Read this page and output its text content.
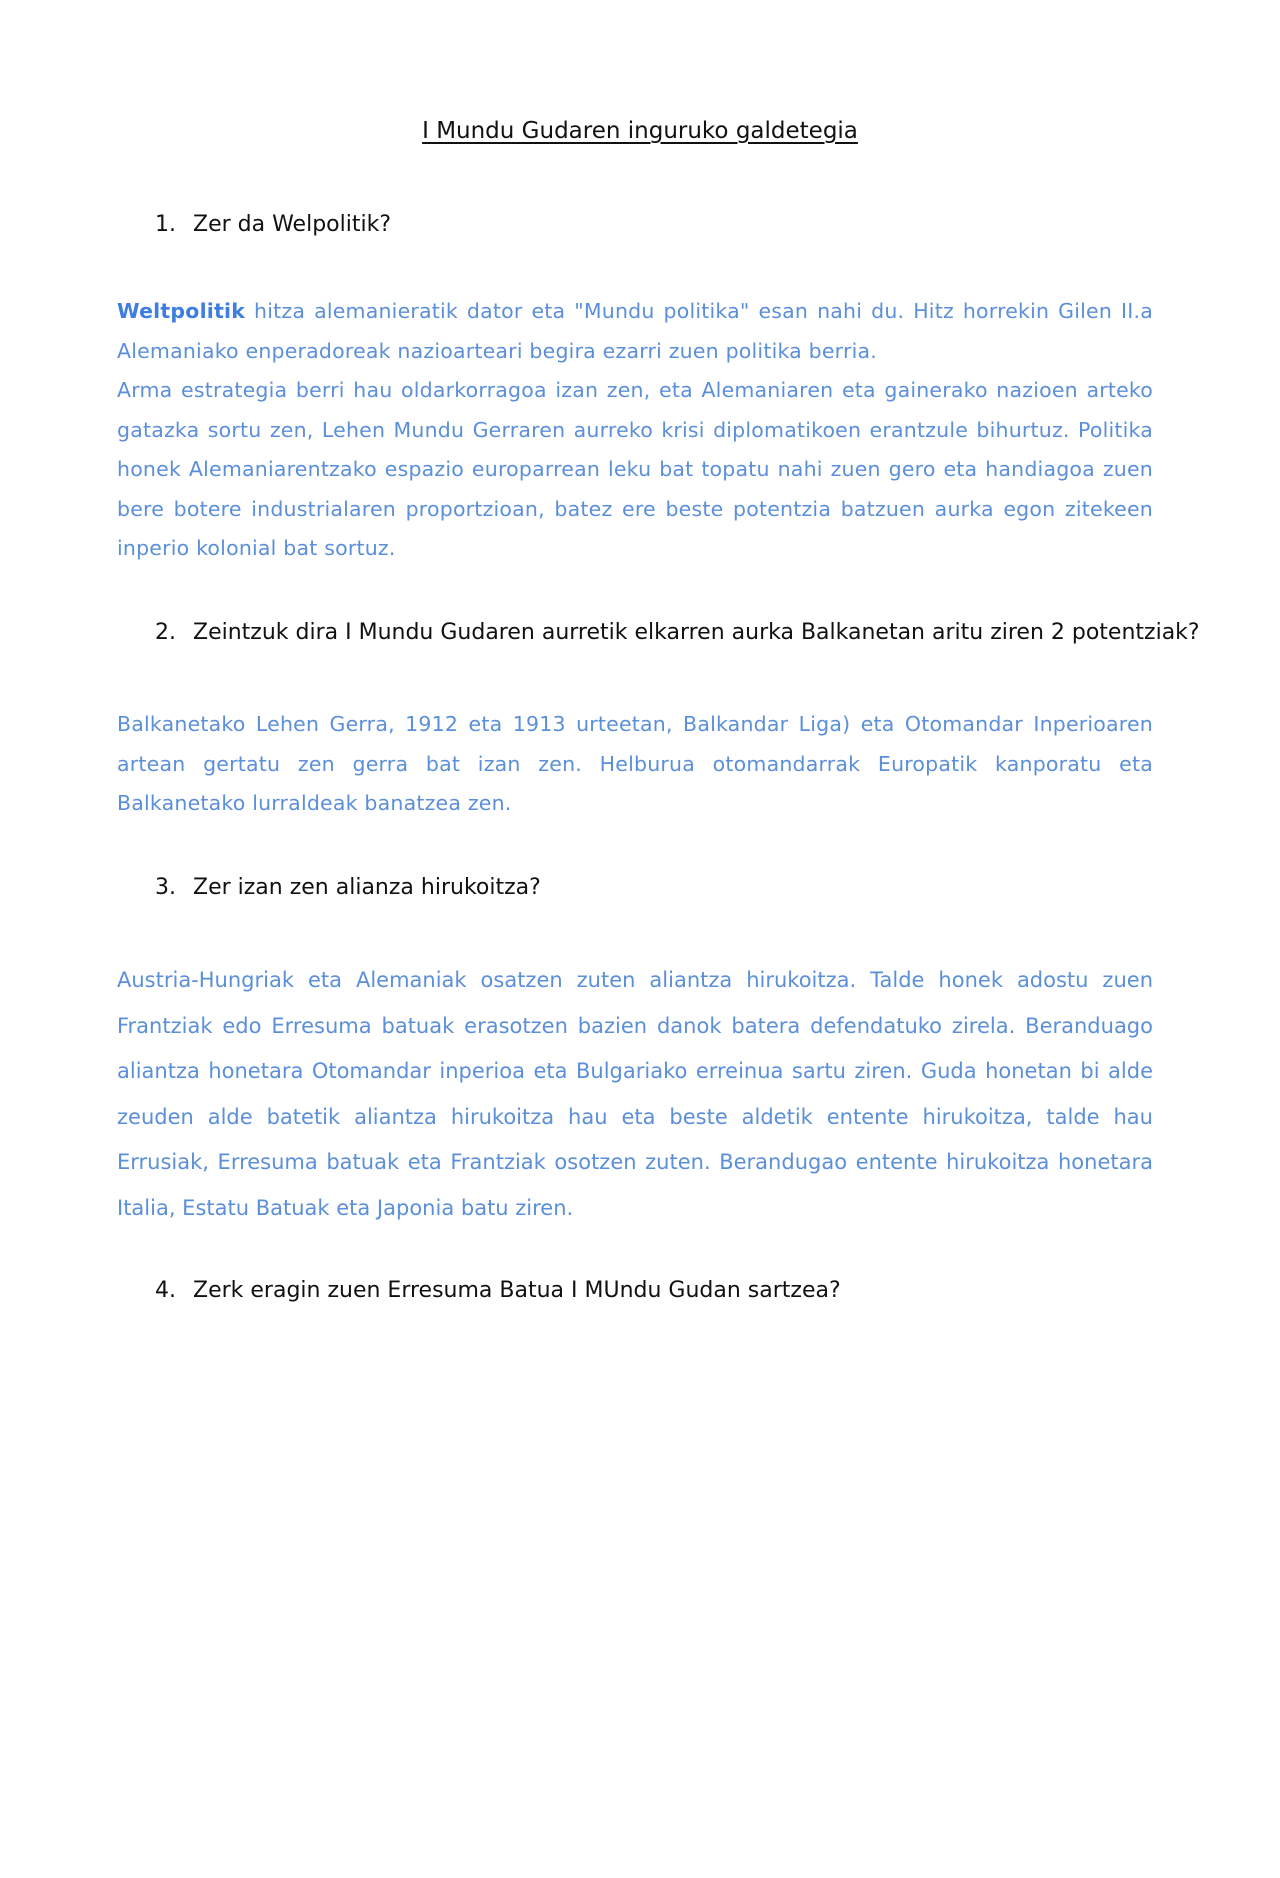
I Mundu Gudaren inguruko galdetegia
1. Zer da Welpolitik?

Weltpolitik hitza alemanieratik dator eta "Mundu politika" esan nahi du. Hitz horrekin Gilen II.a Alemaniako enperadoreak nazioarteari begira ezarri zuen politika berria.

Arma estrategia berri hau oldarkorragoa izan zen, eta Alemaniaren eta gainerako nazioen arteko gatazka sortu zen, Lehen Mundu Gerraren aurreko krisi diplomatikoen erantzule bihurtuz. Politika honek Alemaniarentzako espazio europarrean leku bat topatu nahi zuen gero eta handiagoa zuen bere botere industrialaren proportzioan, batez ere beste potentzia batzuen aurka egon zitekeen inperio kolonial bat sortuz.

2. Zeintzuk dira I Mundu Gudaren aurretik elkarren aurka Balkanetan aritu ziren 2 potentziak?

Balkanetako Lehen Gerra, 1912 eta 1913 urteetan, Balkandar Liga) eta Otomandar Inperioaren artean gertatu zen gerra bat izan zen. Helburua otomandarrak Europatik kanporatu eta Balkanetako lurraldeak banatzea zen.

3. Zer izan zen alianza hirukoitza?

Austria-Hungriak eta Alemaniak osatzen zuten aliantza hirukoitza. Talde honek adostu zuen Frantziak edo Erresuma batuak erasotzen bazien danok batera defendatuko zirela. Beranduago aliantza honetara Otomandar inperioa eta Bulgariako erreinua sartu ziren. Guda honetan bi alde zeuden alde batetik aliantza hirukoitza hau eta beste aldetik entente hirukoitza, talde hau Errusiak, Erresuma batuak eta Frantziak osotzen zuten. Berandugao entente hirukoitza honetara Italia, Estatu Batuak eta Japonia batu ziren.

4. Zerk eragin zuen Erresuma Batua I MUndu Gudan sartzea?
